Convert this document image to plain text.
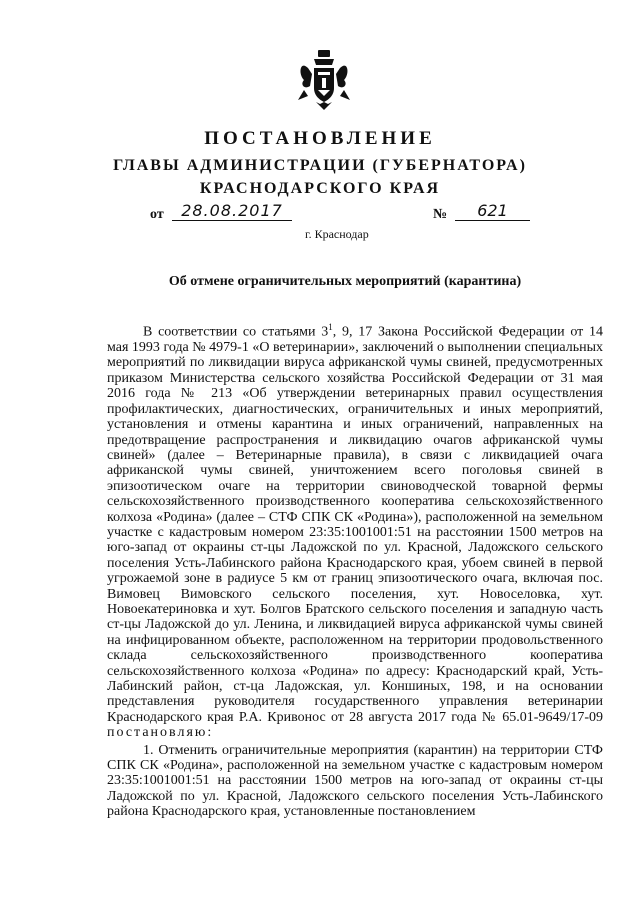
ПОСТАНОВЛЕНИЕ
ГЛАВЫ АДМИНИСТРАЦИИ (ГУБЕРНАТОРА)
КРАСНОДАРСКОГО КРАЯ
от	28.08.2017	№	621
г. Краснодар
Об отмене ограничительных мероприятий (карантина)

В соответствии со статьями $3^1$, 9, 17 Закона Российской Федерации от 14 мая 1993 года № 4979-1 «О ветеринарии», заключений о выполнении специальных мероприятий по ликвидации вируса африканской чумы свиней, предусмотренных приказом Министерства сельского хозяйства Российской Федерации от 31 мая 2016 года № 213 «Об утверждении ветеринарных правил осуществления профилактических, диагностических, ограничительных и иных мероприятий, установления и отмены карантина и иных ограничений, направленных на предотвращение распространения и ликвидацию очагов африканской чумы свиней» (далее – Ветеринарные правила), в связи с ликвидацией очага африканской чумы свиней, уничтожением всего поголовья свиней в эпизоотическом очаге на территории свиноводческой товарной фермы сельскохозяйственного производственного кооператива сельскохозяйственного колхоза «Родина» (далее – СТФ СПК СК «Родина»), расположенной на земельном участке с кадастровым номером 23:35:1001001:51 на расстоянии 1500 метров на юго-запад от окраины ст-цы Ладожской по ул. Красной, Ладожского сельского поселения Усть-Лабинского района Краснодарского края, убоем свиней в первой угрожаемой зоне в радиусе 5 км от границ эпизоотического очага, включая пос. Вимовец Вимовского сельского поселения, хут. Новоселовка, хут. Новоекатериновка и хут. Болгов Братского сельского поселения и западную часть ст-цы Ладожской до ул. Ленина, и ликвидацией вируса африканской чумы свиней на инфицированном объекте, расположенном на территории продовольственного склада сельскохозяйственного производственного кооператива сельскохозяйственного колхоза «Родина» по адресу: Краснодарский край, Усть-Лабинский район, ст-ца Ладожская, ул. Коншиных, 198, и на основании представления руководителя государственного управления ветеринарии Краснодарского края Р.А. Кривонос от 28 августа 2017 года № 65.01-9649/17-09 постановляю:

1. Отменить ограничительные мероприятия (карантин) на территории СТФ СПК СК «Родина», расположенной на земельном участке с кадастровым номером 23:35:1001001:51 на расстоянии 1500 метров на юго-запад от окраины ст-цы Ладожской по ул. Красной, Ладожского сельского поселения Усть-Лабинского района Краснодарского края, установленные постановлением
